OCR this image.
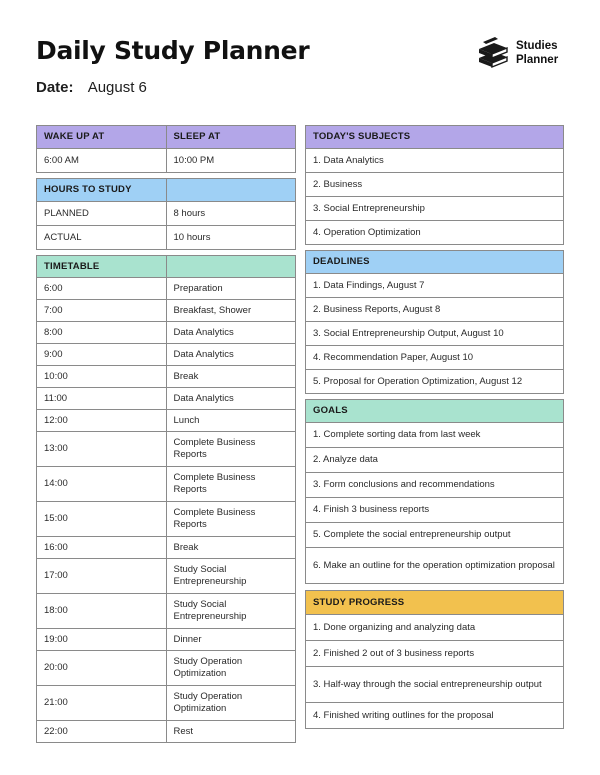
Daily Study Planner
Date: August 6
Studies
Planner
WAKE UP AT	SLEEP AT
6:00 AM	10:00 PM
HOURS TO STUDY	
PLANNED	8 hours
ACTUAL	10 hours
TIMETABLE	
6:00	Preparation
7:00	Breakfast, Shower
8:00	Data Analytics
9:00	Data Analytics
10:00	Break
11:00	Data Analytics
12:00	Lunch
13:00	Complete Business Reports
14:00	Complete Business Reports
15:00	Complete Business Reports
16:00	Break
17:00	Study Social Entrepreneurship
18:00	Study Social Entrepreneurship
19:00	Dinner
20:00	Study Operation Optimization
21:00	Study Operation Optimization
22:00	Rest
TODAY'S SUBJECTS
1. Data Analytics
2. Business
3. Social Entrepreneurship
4. Operation Optimization
DEADLINES
1. Data Findings, August 7
2. Business Reports, August 8
3. Social Entrepreneurship Output, August 10
4. Recommendation Paper, August 10
5. Proposal for Operation Optimization, August 12
GOALS
1. Complete sorting data from last week
2. Analyze data
3. Form conclusions and recommendations
4. Finish 3 business reports
5. Complete the social entrepreneurship output
6. Make an outline for the operation optimization proposal
STUDY PROGRESS
1. Done organizing and analyzing data
2. Finished 2 out of 3 business reports
3. Half-way through the social entrepreneurship output
4. Finished writing outlines for the proposal
